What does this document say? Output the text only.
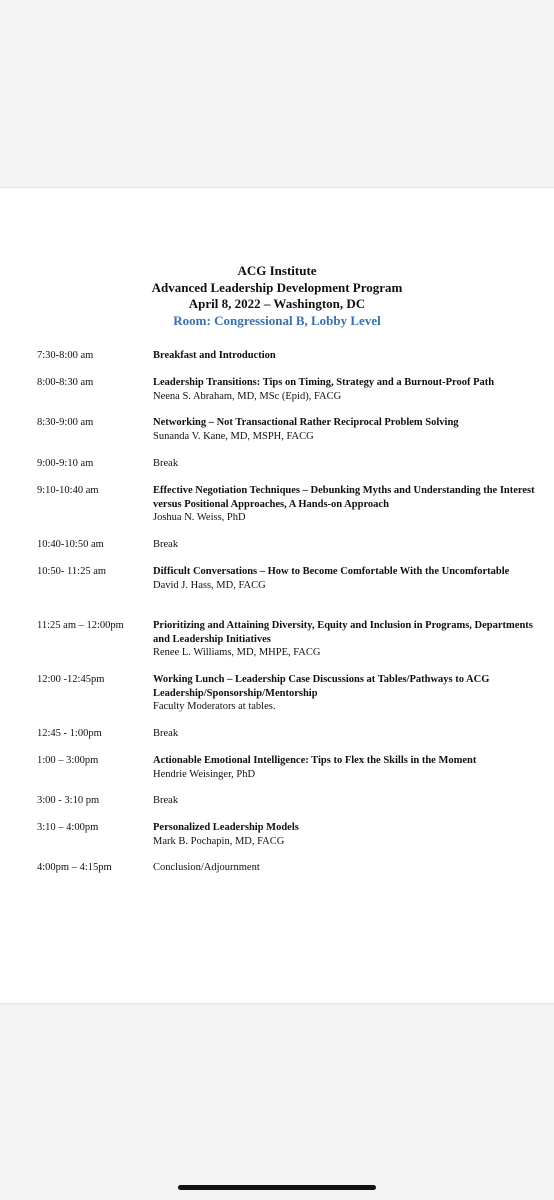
ACG Institute
Advanced Leadership Development Program
April 8, 2022 – Washington, DC
Room: Congressional B, Lobby Level
7:30-8:00 am	Breakfast and Introduction
8:00-8:30 am	Leadership Transitions: Tips on Timing, Strategy and a Burnout-Proof Path
Neena S. Abraham, MD, MSc (Epid), FACG
8:30-9:00 am	Networking – Not Transactional Rather Reciprocal Problem Solving
Sunanda V. Kane, MD, MSPH, FACG
9:00-9:10 am	Break
9:10-10:40 am	Effective Negotiation Techniques – Debunking Myths and Understanding the Interest versus Positional Approaches, A Hands-on Approach
Joshua N. Weiss, PhD
10:40-10:50 am	Break
10:50- 11:25 am	Difficult Conversations – How to Become Comfortable With the Uncomfortable
David J. Hass, MD, FACG
11:25 am – 12:00pm	Prioritizing and Attaining Diversity, Equity and Inclusion in Programs, Departments and Leadership Initiatives
Renee L. Williams, MD, MHPE, FACG
12:00 -12:45pm	Working Lunch – Leadership Case Discussions at Tables/Pathways to ACG Leadership/Sponsorship/Mentorship
Faculty Moderators at tables.
12:45 - 1:00pm	Break
1:00 – 3:00pm	Actionable Emotional Intelligence: Tips to Flex the Skills in the Moment
Hendrie Weisinger, PhD
3:00 - 3:10 pm	Break
3:10 – 4:00pm	Personalized Leadership Models
Mark B. Pochapin, MD, FACG
4:00pm – 4:15pm	Conclusion/Adjournment
